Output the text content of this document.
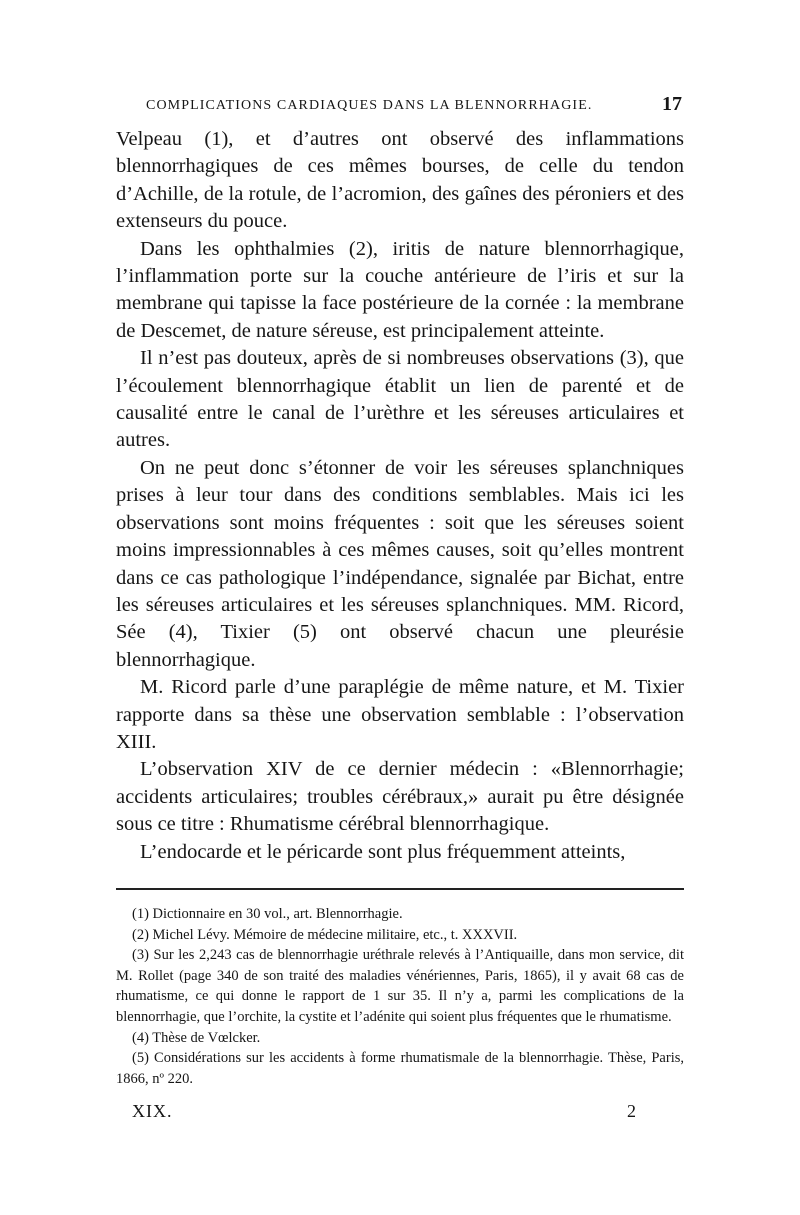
COMPLICATIONS CARDIAQUES DANS LA BLENNORRHAGIE.	17

Velpeau (1), et d’autres ont observé des inflammations blennorrhagiques de ces mêmes bourses, de celle du tendon d’Achille, de la rotule, de l’acromion, des gaînes des péroniers et des extenseurs du pouce.

Dans les ophthalmies (2), iritis de nature blennorrhagique, l’inflammation porte sur la couche antérieure de l’iris et sur la membrane qui tapisse la face postérieure de la cornée : la membrane de Descemet, de nature séreuse, est principalement atteinte.

Il n’est pas douteux, après de si nombreuses observations (3), que l’écoulement blennorrhagique établit un lien de parenté et de causalité entre le canal de l’urèthre et les séreuses articulaires et autres.

On ne peut donc s’étonner de voir les séreuses splanchniques prises à leur tour dans des conditions semblables. Mais ici les observations sont moins fréquentes : soit que les séreuses soient moins impressionnables à ces mêmes causes, soit qu’elles montrent dans ce cas pathologique l’indépendance, signalée par Bichat, entre les séreuses articulaires et les séreuses splanchniques. MM. Ricord, Sée (4), Tixier (5) ont observé chacun une pleurésie blennorrhagique.

M. Ricord parle d’une paraplégie de même nature, et M. Tixier rapporte dans sa thèse une observation semblable : l’observation XIII.

L’observation XIV de ce dernier médecin : «Blennorrhagie; accidents articulaires; troubles cérébraux,» aurait pu être désignée sous ce titre : Rhumatisme cérébral blennorrhagique.

L’endocarde et le péricarde sont plus fréquemment atteints,

(1) Dictionnaire en 30 vol., art. Blennorrhagie.

(2) Michel Lévy. Mémoire de médecine militaire, etc., t. XXXVII.

(3) Sur les 2,243 cas de blennorrhagie uréthrale relevés à l’Antiquaille, dans mon service, dit M. Rollet (page 340 de son traité des maladies vénériennes, Paris, 1865), il y avait 68 cas de rhumatisme, ce qui donne le rapport de 1 sur 35. Il n’y a, parmi les complications de la blennorrhagie, que l’orchite, la cystite et l’adénite qui soient plus fréquentes que le rhumatisme.

(4) Thèse de Vœlcker.

(5) Considérations sur les accidents à forme rhumatismale de la blennorrhagie. Thèse, Paris, 1866, nº 220.

XIX.	2
